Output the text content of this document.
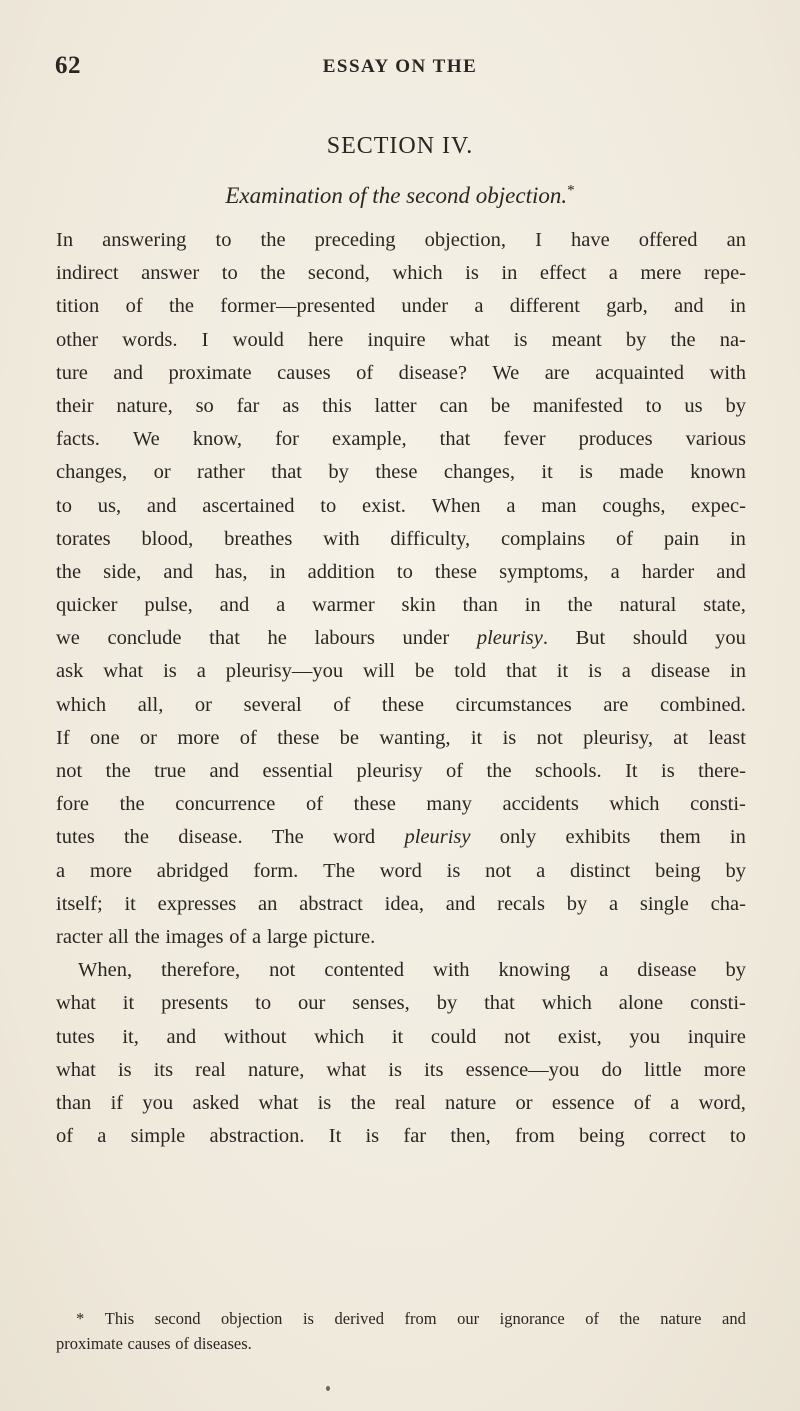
62	ESSAY ON THE
SECTION IV.
Examination of the second objection.*
In answering to the preceding objection, I have offered an
indirect answer to the second, which is in effect a mere repe-
tition of the former—presented under a different garb, and in
other words. I would here inquire what is meant by the na-
ture and proximate causes of disease? We are acquainted with
their nature, so far as this latter can be manifested to us by
facts. We know, for example, that fever produces various
changes, or rather that by these changes, it is made known
to us, and ascertained to exist. When a man coughs, expec-
torates blood, breathes with difficulty, complains of pain in
the side, and has, in addition to these symptoms, a harder and
quicker pulse, and a warmer skin than in the natural state,
we conclude that he labours under pleurisy. But should you
ask what is a pleurisy—you will be told that it is a disease in
which all, or several of these circumstances are combined.
If one or more of these be wanting, it is not pleurisy, at least
not the true and essential pleurisy of the schools. It is there-
fore the concurrence of these many accidents which consti-
tutes the disease. The word pleurisy only exhibits them in
a more abridged form. The word is not a distinct being by
itself; it expresses an abstract idea, and recals by a single cha-
racter all the images of a large picture.
When, therefore, not contented with knowing a disease by
what it presents to our senses, by that which alone consti-
tutes it, and without which it could not exist, you inquire
what is its real nature, what is its essence—you do little more
than if you asked what is the real nature or essence of a word,
of a simple abstraction. It is far then, from being correct to
* This second objection is derived from our ignorance of the nature and
proximate causes of diseases.
